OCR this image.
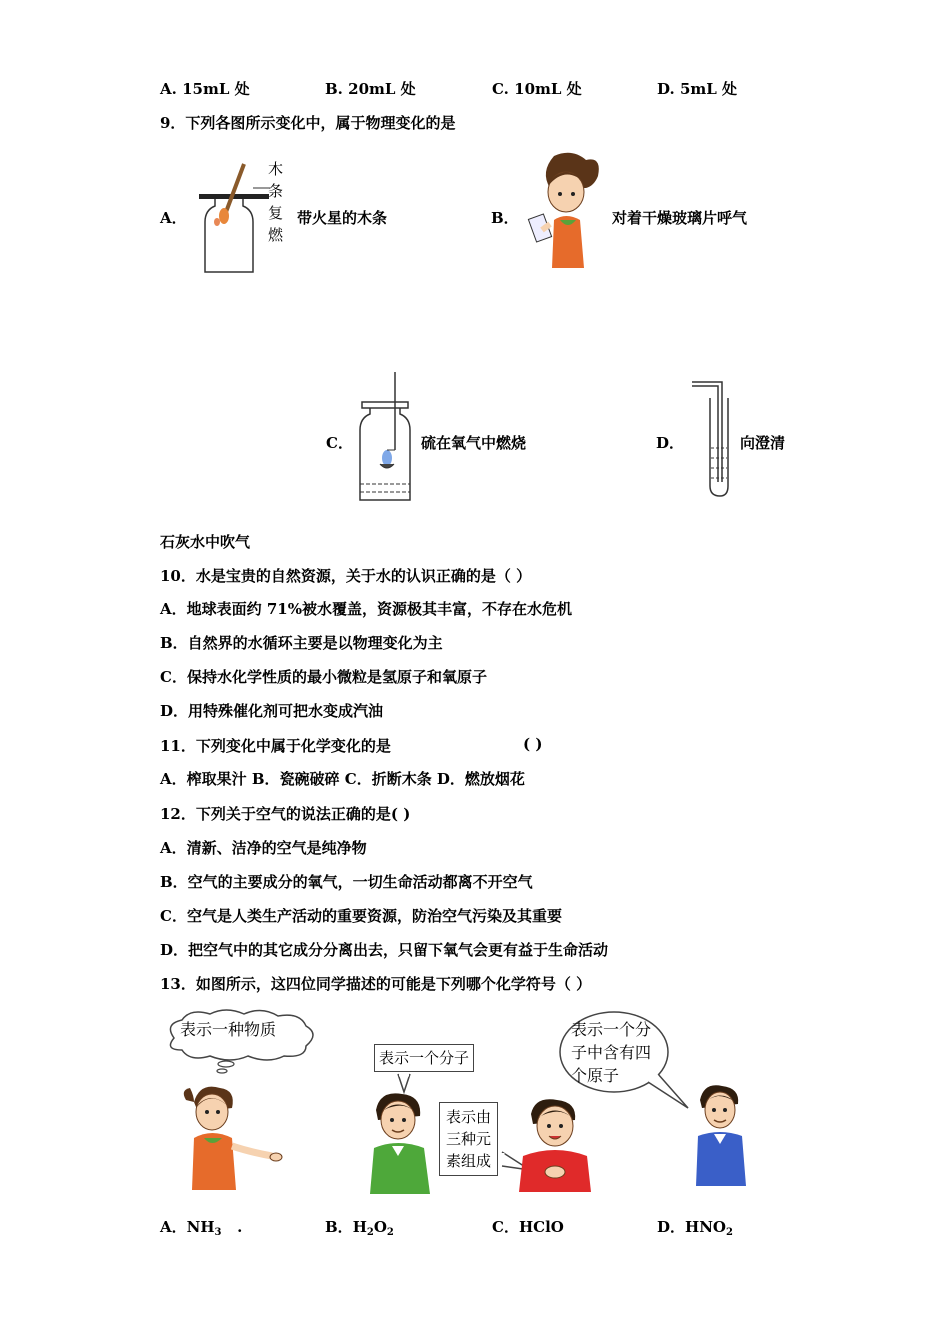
A. 15mL 处	B. 20mL 处	C. 10mL 处	D. 5mL 处
9．下列各图所示变化中，属于物理变化的是
A．
木
条
复
燃
带火星的木条	B．	对着干燥玻璃片呼气
C．	硫在氧气中燃烧	D．	向澄清
石灰水中吹气
10．水是宝贵的自然资源，关于水的认识正确的是（ ）
A．地球表面约 71%被水覆盖，资源极其丰富，不存在水危机
B．自然界的水循环主要是以物理变化为主
C．保持水化学性质的最小微粒是氢原子和氧原子
D．用特殊催化剂可把水变成汽油
11．下列变化中属于化学变化的是	( )
A．榨取果汁 B．瓷碗破碎 C．折断木条 D．燃放烟花
12．下列关于空气的说法正确的是( )
A．清新、洁净的空气是纯净物
B．空气的主要成分的氧气，一切生命活动都离不开空气
C．空气是人类生产活动的重要资源，防治空气污染及其重要
D．把空气中的其它成分分离出去，只留下氧气会更有益于生命活动
13．如图所示，这四位同学描述的可能是下列哪个化学符号（ ）
表示一种物质
表示一个分子
表示由
三种元
素组成
表示一个分
子中含有四
个原子
A．$NH_3$   .	B．$H_2O_2$	C．HClO	D．$HNO_2$
